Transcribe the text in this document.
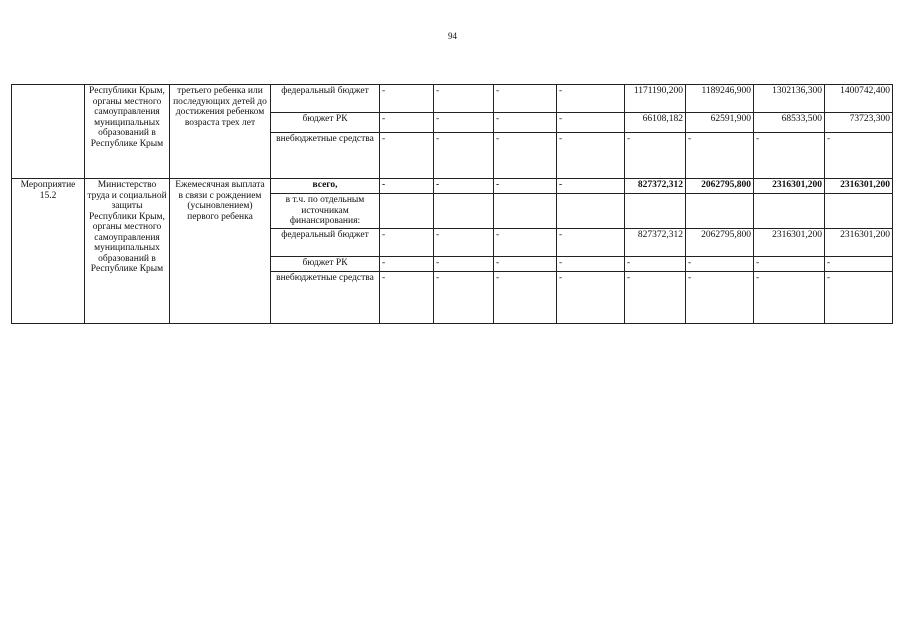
94
	Республики Крым, органы местного самоуправления муниципальных образований в Республике Крым	третьего ребенка или последующих детей до достижения ребенком возраста трех лет	федеральный бюджет	-	-	-	-	1171190,200	1189246,900	1302136,300	1400742,400
			бюджет РК	-	-	-	-	66108,182	62591,900	68533,500	73723,300
			внебюджетные средства	-	-	-	-	-	-	-	-
Мероприятие 15.2	Министерство труда и социальной защиты Республики Крым, органы местного самоуправления муниципальных образований в Республике Крым	Ежемесячная выплата в связи с рождением (усыновлением) первого ребенка	всего,	-	-	-	-	827372,312	2062795,800	2316301,200	2316301,200
			в т.ч. по отдельным источникам финансирования:								
			федеральный бюджет	-	-	-	-	827372,312	2062795,800	2316301,200	2316301,200
			бюджет РК	-	-	-	-	-	-	-	-
			внебюджетные средства	-	-	-	-	-	-	-	-
